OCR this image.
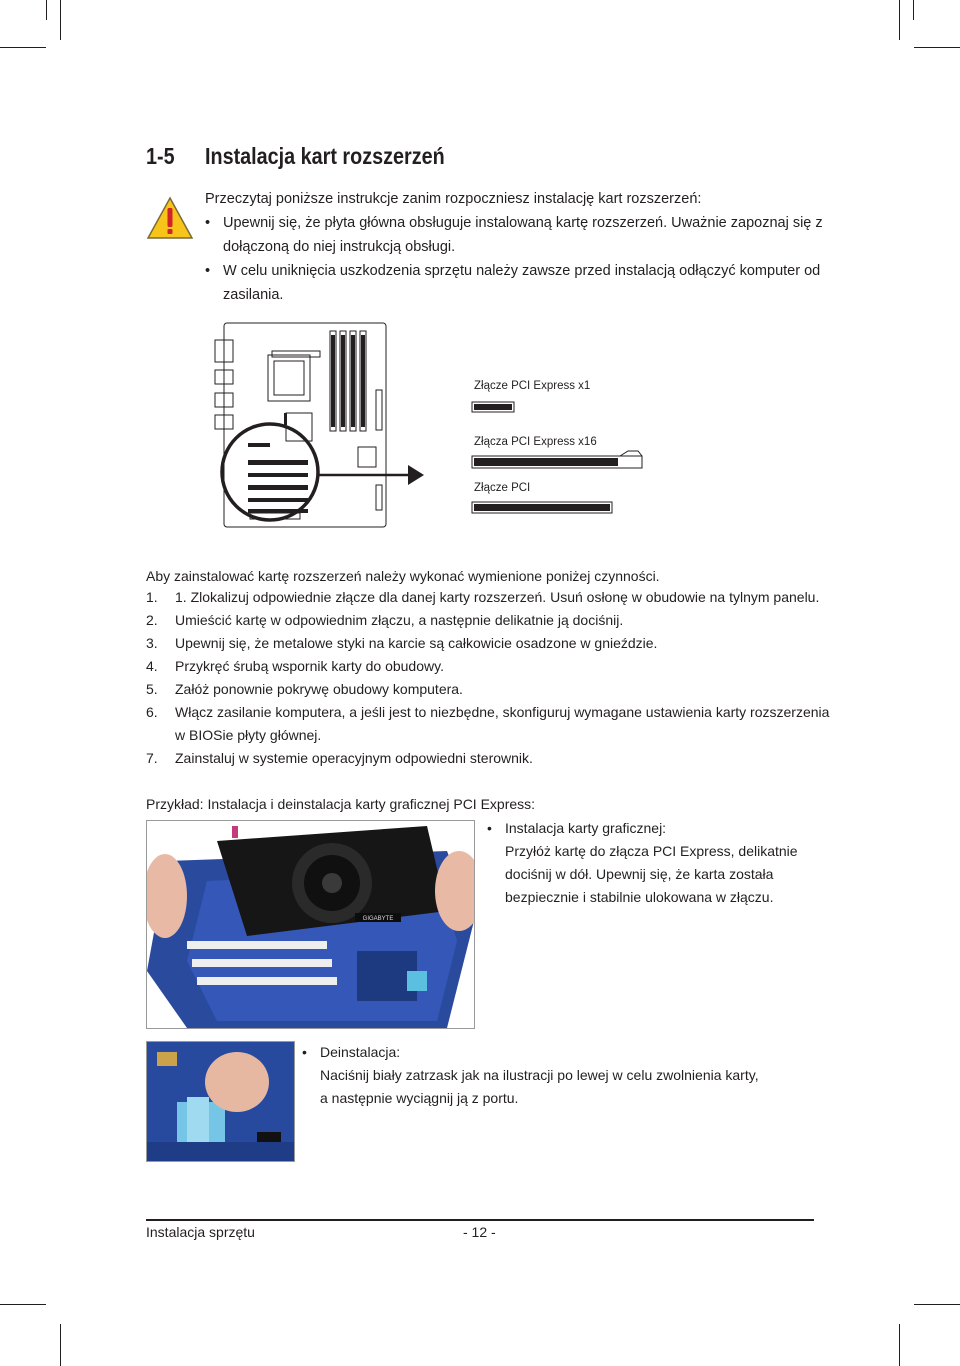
1-5 Instalacja kart rozszerzeń
Przeczytaj poniższe instrukcje zanim rozpoczniesz instalację kart rozszerzeń:
• Upewnij się, że płyta główna obsługuje instalowaną kartę rozszerzeń. Uważnie zapoznaj się z
dołączoną do niej instrukcją obsługi.
• W celu uniknięcia uszkodzenia sprzętu należy zawsze przed instalacją odłączyć komputer od
zasilania.
Złącze PCI Express x1
Złącza PCI Express x16
Złącze PCI
Aby zainstalować kartę rozszerzeń należy wykonać wymienione poniżej czynności.
1. 1. Zlokalizuj odpowiednie złącze dla danej karty rozszerzeń. Usuń osłonę w obudowie na tylnym panelu.
2. Umieścić kartę w odpowiednim złączu, a następnie delikatnie ją dociśnij.
3. Upewnij się, że metalowe styki na karcie są całkowicie osadzone w gnieździe.
4. Przykręć śrubą wspornik karty do obudowy.
5. Załóż ponownie pokrywę obudowy komputera.
6. Włącz zasilanie komputera, a jeśli jest to niezbędne, skonfiguruj wymagane ustawienia karty rozszerzenia
w BIOSie płyty głównej.
7. Zainstaluj w systemie operacyjnym odpowiedni sterownik.
Przykład: Instalacja i deinstalacja karty graficznej PCI Express:
GIGABYTE
• Instalacja karty graficznej:
Przyłóż kartę do złącza PCI Express, delikatnie
dociśnij w dół. Upewnij się, że karta została
bezpiecznie i stabilnie ulokowana w złączu.
• Deinstalacja:
Naciśnij biały zatrzask jak na ilustracji po lewej w celu zwolnienia karty,
a następnie wyciągnij ją z portu.
Instalacja sprzętu	- 12 -
